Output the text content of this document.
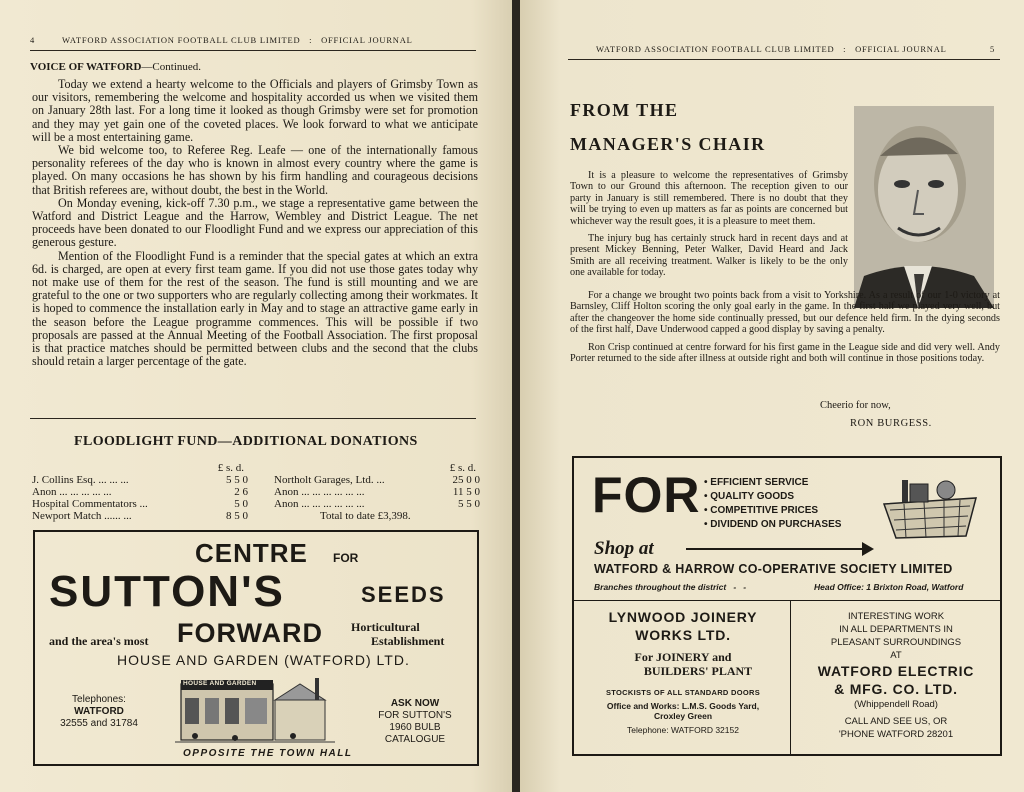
4	WATFORD ASSOCIATION FOOTBALL CLUB LIMITED   :   OFFICIAL JOURNAL
VOICE OF WATFORD—Continued.

Today we extend a hearty welcome to the Officials and players of Grimsby Town as our visitors, remembering the welcome and hospitality accorded us when we visited them on January 28th last. For a long time it looked as though Grimsby were set for promotion and they may yet gain one of the coveted places. We look forward to what we anticipate will be a most entertaining game.

We bid welcome too, to Referee Reg. Leafe — one of the internationally famous personality referees of the day who is known in almost every country where the game is played. On many occasions he has shown by his firm handling and courageous decisions that British referees are, without doubt, the best in the World.

On Monday evening, kick-off 7.30 p.m., we stage a representative game between the Watford and District League and the Harrow, Wembley and District League. The net proceeds have been donated to our Floodlight Fund and we express our appreciation of this generous gesture.

Mention of the Floodlight Fund is a reminder that the special gates at which an extra 6d. is charged, are open at every first team game. If you did not use those gates today why not make use of them for the rest of the season. The fund is still mounting and we are grateful to the one or two supporters who are regularly collecting among their workmates. It is hoped to commence the installation early in May and to stage an attractive game early in the season before the League programme commences. This will be possible if two proposals are passed at the Annual Meeting of the Football Association. The first proposal is that practice matches should be permitted between clubs and the second that the clubs should retain a larger percentage of the gate.

FLOODLIGHT FUND—ADDITIONAL DONATIONS
£ s. d.
J. Collins Esq. ... ... ...	5 5 0
Anon ... ... ... ... ...	2 6
Hospital Commentators ...	5 0
Newport Match ...... ...	8 5 0
£ s. d.
Northolt Garages, Ltd. ...	25 0 0
Anon ... ... ... ... ... ...	11 5 0
Anon ... ... ... ... ... ...	5 5 0
Total to date £3,398.
CENTRE FOR
SUTTON'S	SEEDS
and the area's most FORWARD Horticultural
Establishment
HOUSE AND GARDEN (WATFORD) LTD.
Telephones:
WATFORD
32555 and 31784
HOUSE AND GARDEN
ASK NOW
FOR SUTTON'S
1960 BULB
CATALOGUE
OPPOSITE THE TOWN HALL
WATFORD ASSOCIATION FOOTBALL CLUB LIMITED   :   OFFICIAL JOURNAL	5
FROM THE
MANAGER'S CHAIR

It is a pleasure to welcome the representatives of Grimsby Town to our Ground this afternoon. The reception given to our party in January is still remembered. There is no doubt that they will be trying to even up matters as far as points are concerned but whichever way the result goes, it is a pleasure to meet them.

The injury bug has certainly struck hard in recent days and at present Mickey Benning, Peter Walker, David Heard and Jack Smith are all receiving treatment. Walker is likely to be the only one available for today.

For a change we brought two points back from a visit to Yorkshire. As a result of our 1-0 victory at Barnsley, Cliff Holton scoring the only goal early in the game. In the first half we played very well, but after the changeover the home side continually pressed, but our defence held firm. In the dying seconds of the first half, Dave Underwood capped a good display by saving a penalty.

Ron Crisp continued at centre forward for his first game in the League side and did very well. Andy Porter returned to the side after illness at outside right and both will continue in those positions today.

Cheerio for now,
RON BURGESS.
FOR • EFFICIENT SERVICE
• QUALITY GOODS
• COMPETITIVE PRICES
• DIVIDEND ON PURCHASES
Shop at
WATFORD & HARROW CO-OPERATIVE SOCIETY LIMITED
Branches throughout the district   -   -	Head Office: 1 Brixton Road, Watford
LYNWOOD JOINERY
WORKS LTD.
For JOINERY and
BUILDERS' PLANT
STOCKISTS OF ALL STANDARD DOORS
Office and Works: L.M.S. Goods Yard,
Croxley Green
Telephone: WATFORD 32152
INTERESTING WORK
IN ALL DEPARTMENTS IN
PLEASANT SURROUNDINGS
AT
WATFORD ELECTRIC
& MFG. CO. LTD.
(Whippendell Road)
CALL AND SEE US, OR
'PHONE WATFORD 28201
